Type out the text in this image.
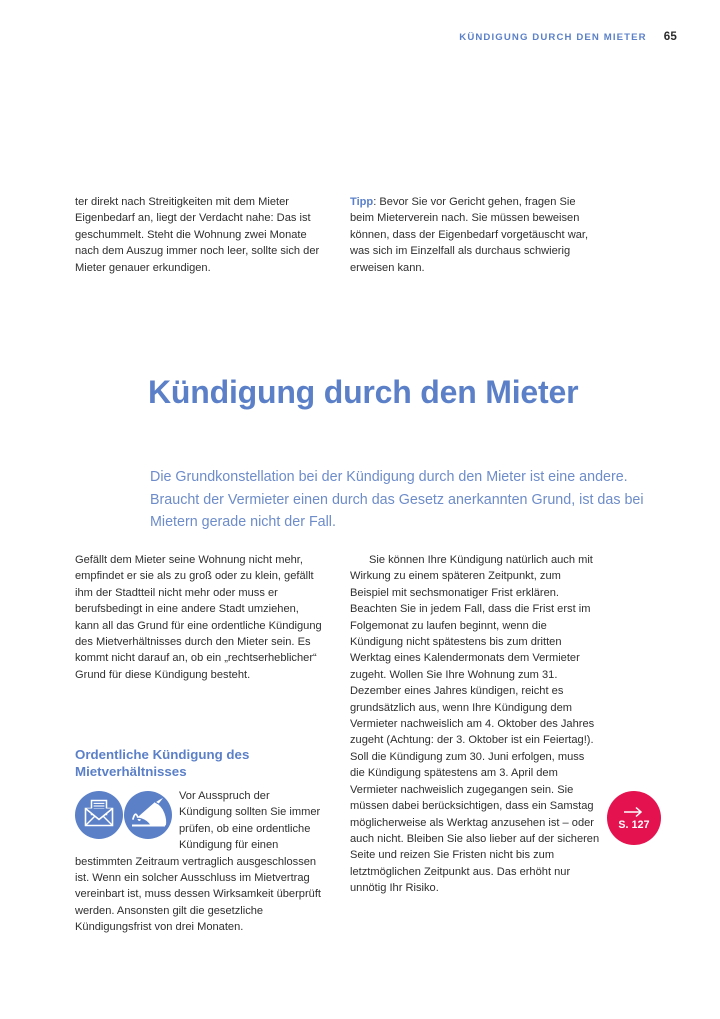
KÜNDIGUNG DURCH DEN MIETER 65

ter direkt nach Streitigkeiten mit dem Mieter Eigenbedarf an, liegt der Verdacht nahe: Das ist geschummelt. Steht die Wohnung zwei Monate nach dem Auszug immer noch leer, sollte sich der Mieter genauer erkundigen.

Tipp: Bevor Sie vor Gericht gehen, fragen Sie beim Mieterverein nach. Sie müssen beweisen können, dass der Eigenbedarf vorgetäuscht war, was sich im Einzelfall als durchaus schwierig erweisen kann.

Kündigung durch den Mieter

Die Grundkonstellation bei der Kündigung durch den Mieter ist eine andere. Braucht der Vermieter einen durch das Gesetz anerkannten Grund, ist das bei Mietern gerade nicht der Fall.

Gefällt dem Mieter seine Wohnung nicht mehr, empfindet er sie als zu groß oder zu klein, gefällt ihm der Stadtteil nicht mehr oder muss er berufsbedingt in eine andere Stadt umziehen, kann all das Grund für eine ordentliche Kündigung des Mietverhältnisses durch den Mieter sein. Es kommt nicht darauf an, ob ein „rechtserheblicher“ Grund für diese Kündigung besteht.

Ordentliche Kündigung des Mietverhältnisses

Vor Ausspruch der Kündigung sollten Sie immer prüfen, ob eine ordentliche Kündigung für einen bestimmten Zeitraum vertraglich ausgeschlossen ist. Wenn ein solcher Ausschluss im Mietvertrag vereinbart ist, muss dessen Wirksamkeit überprüft werden. Ansonsten gilt die gesetzliche Kündigungsfrist von drei Monaten.

Sie können Ihre Kündigung natürlich auch mit Wirkung zu einem späteren Zeitpunkt, zum Beispiel mit sechsmonatiger Frist erklären. Beachten Sie in jedem Fall, dass die Frist erst im Folgemonat zu laufen beginnt, wenn die Kündigung nicht spätestens bis zum dritten Werktag eines Kalendermonats dem Vermieter zugeht. Wollen Sie Ihre Wohnung zum 31. Dezember eines Jahres kündigen, reicht es grundsätzlich aus, wenn Ihre Kündigung dem Vermieter nachweislich am 4. Oktober des Jahres zugeht (Achtung: der 3. Oktober ist ein Feiertag!). Soll die Kündigung zum 30. Juni erfolgen, muss die Kündigung spätestens am 3. April dem Vermieter nachweislich zugegangen sein. Sie müssen dabei berücksichtigen, dass ein Samstag möglicherweise als Werktag anzusehen ist – oder auch nicht. Bleiben Sie also lieber auf der sicheren Seite und reizen Sie Fristen nicht bis zum letztmöglichen Zeitpunkt aus. Das erhöht nur unnötig Ihr Risiko.

S. 127
